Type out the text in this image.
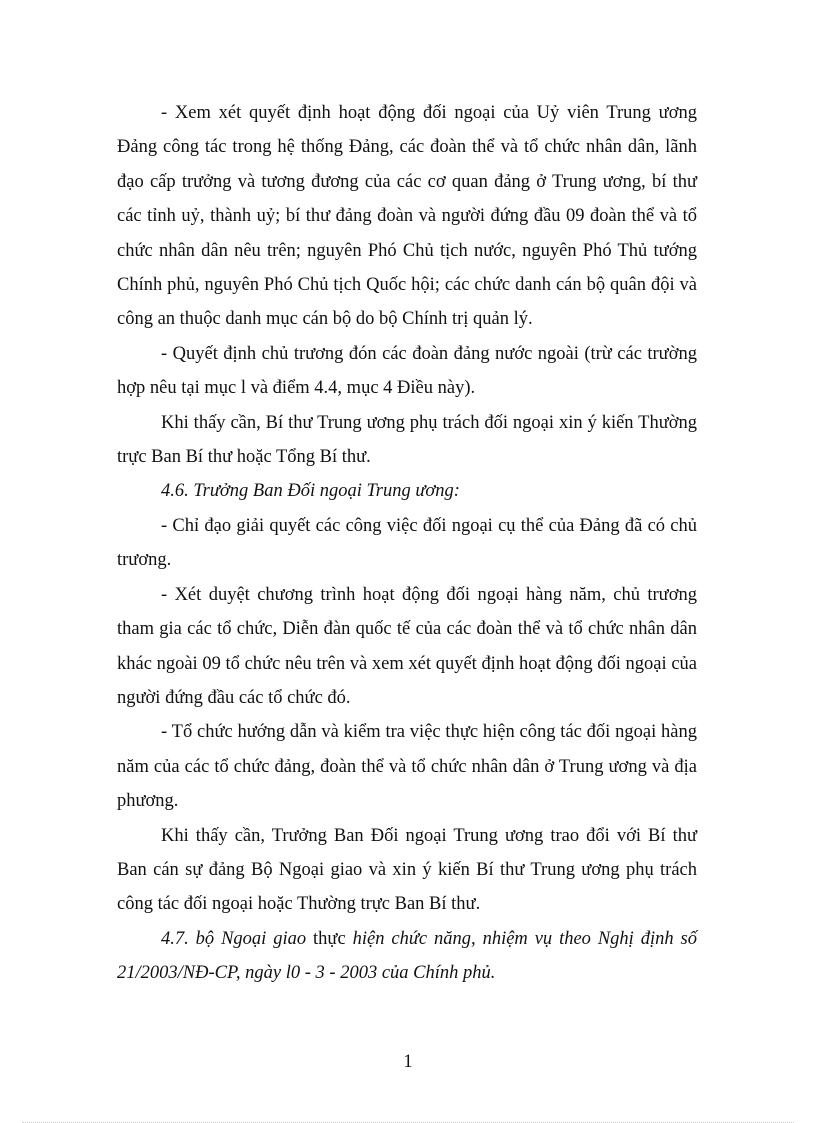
- Xem xét quyết định hoạt động đối ngoại của Uỷ viên Trung ương Đảng công tác trong hệ thống Đảng, các đoàn thể và tổ chức nhân dân, lãnh đạo cấp trưởng và tương đương của các cơ quan đảng ở Trung ương, bí thư các tỉnh uỷ, thành uỷ; bí thư đảng đoàn và người đứng đầu 09 đoàn thể và tổ chức nhân dân nêu trên; nguyên Phó Chủ tịch nước, nguyên Phó Thủ tướng Chính phủ, nguyên Phó Chủ tịch Quốc hội; các chức danh cán bộ quân đội và công an thuộc danh mục cán bộ do bộ Chính trị quản lý.

- Quyết định chủ trương đón các đoàn đảng nước ngoài (trừ các trường hợp nêu tại mục l và điểm 4.4, mục 4 Điều này).

Khi thấy cần, Bí thư Trung ương phụ trách đối ngoại xin ý kiến Thường trực Ban Bí thư hoặc Tổng Bí thư.

4.6. Trưởng Ban Đối ngoại Trung ương:

- Chỉ đạo giải quyết các công việc đối ngoại cụ thể của Đảng đã có chủ trương.

- Xét duyệt chương trình hoạt động đối ngoại hàng năm, chủ trương tham gia các tổ chức, Diễn đàn quốc tế của các đoàn thể và tổ chức nhân dân khác ngoài 09 tổ chức nêu trên và xem xét quyết định hoạt động đối ngoại của người đứng đầu các tổ chức đó.

- Tổ chức hướng dẫn và kiểm tra việc thực hiện công tác đối ngoại hàng năm của các tổ chức đảng, đoàn thể và tổ chức nhân dân ở Trung ương và địa phương.

Khi thấy cần, Trưởng Ban Đối ngoại Trung ương trao đổi với Bí thư Ban cán sự đảng Bộ Ngoại giao và xin ý kiến Bí thư Trung ương phụ trách công tác đối ngoại hoặc Thường trực Ban Bí thư.

4.7. bộ Ngoại giao thực hiện chức năng, nhiệm vụ theo Nghị định số 21/2003/NĐ-CP, ngày l0 - 3 - 2003 của Chính phủ.

1
